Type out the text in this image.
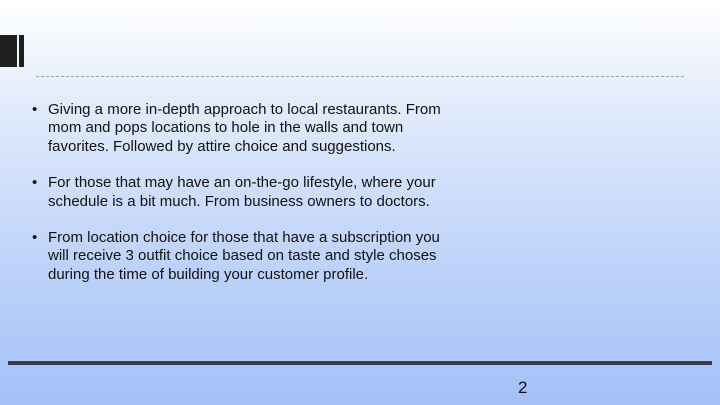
• Giving a more in-depth approach to local restaurants. From mom and pops locations to hole in the walls and town favorites. Followed by attire choice and suggestions.
• For those that may have an on-the-go lifestyle, where your schedule is a bit much. From business owners to doctors.
• From location choice for those that have a subscription you will receive 3 outfit choice based on taste and style choses during the time of building your customer profile.
2
